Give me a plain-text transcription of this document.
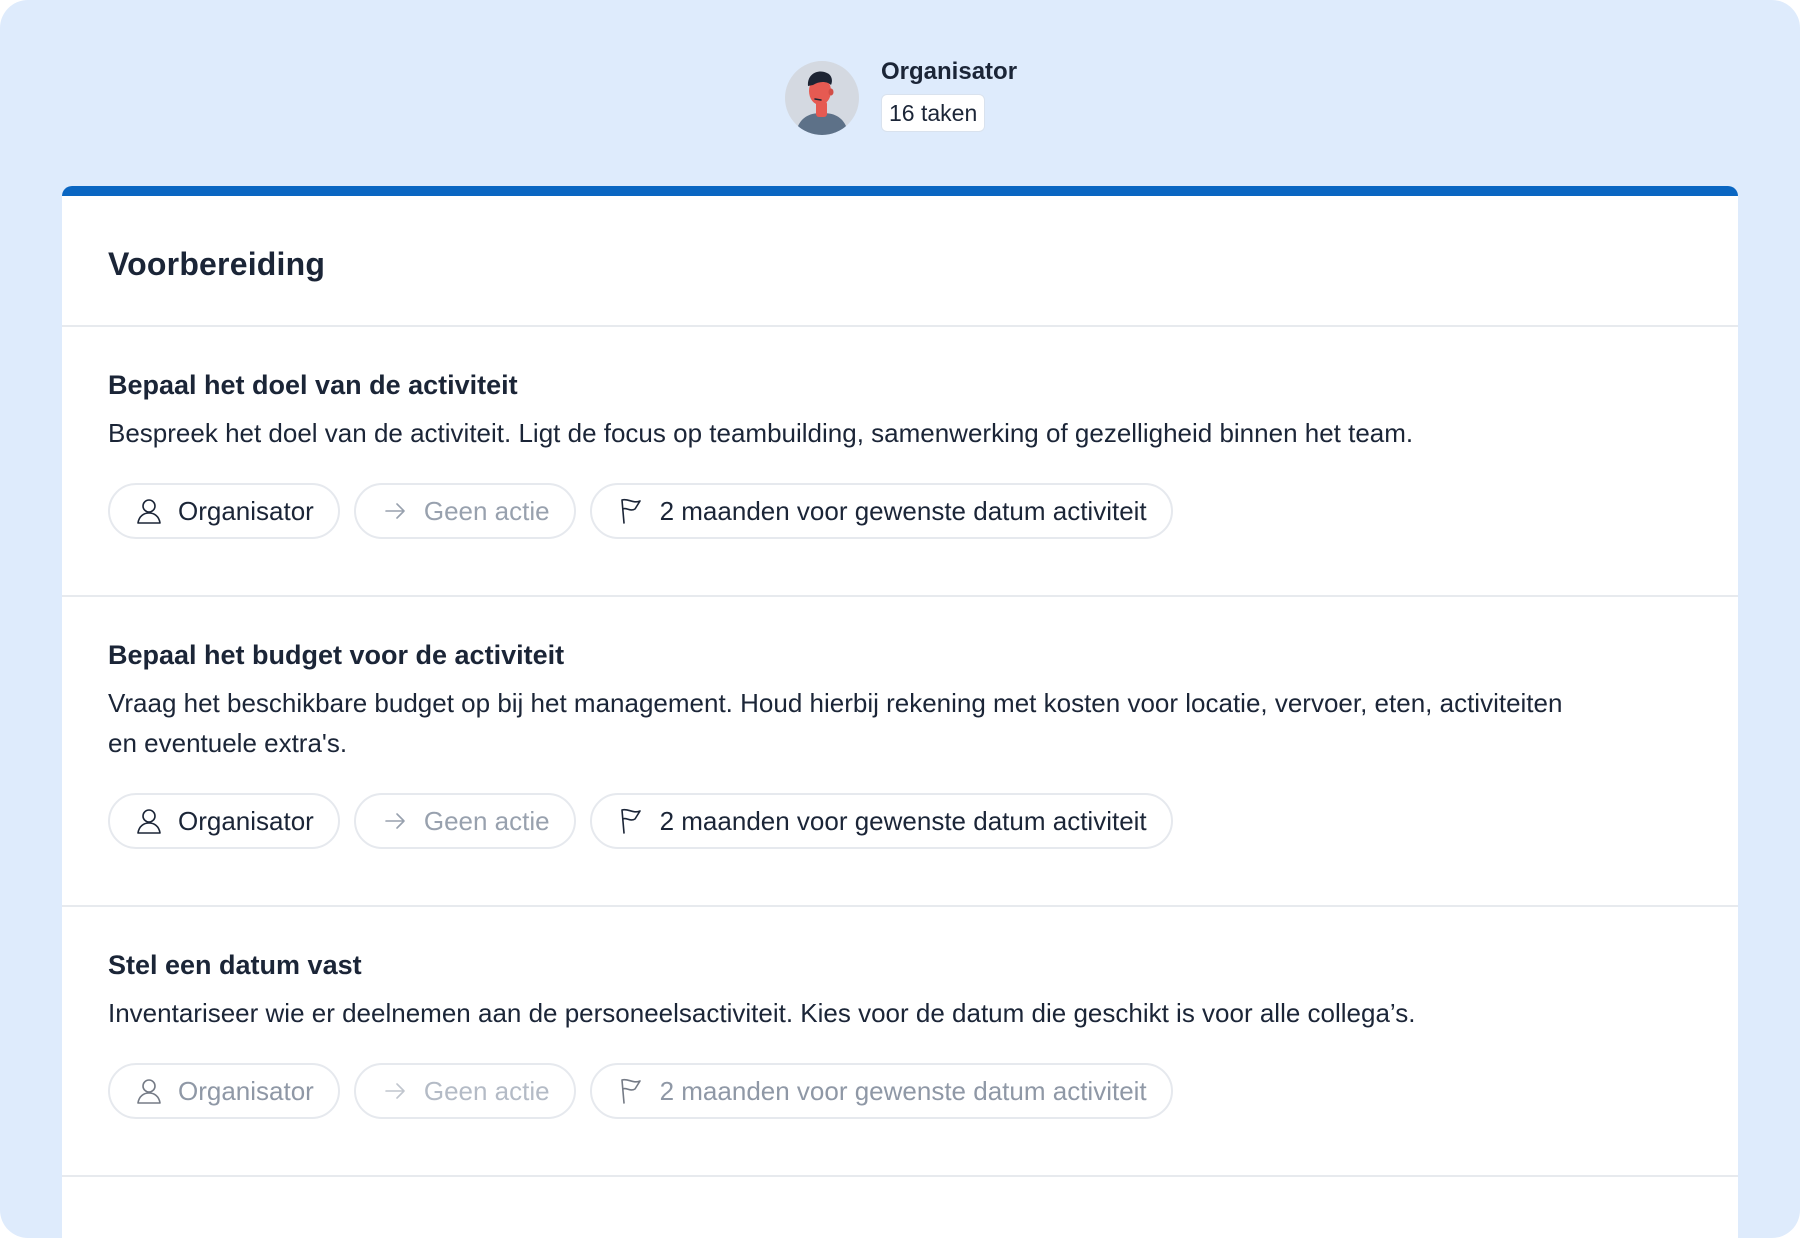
Organisator
16 taken
Voorbereiding
Bepaal het doel van de activiteit

Bespreek het doel van de activiteit. Ligt de focus op teambuilding, samenwerking of gezelligheid binnen het team.

Organisator	Geen actie	2 maanden voor gewenste datum activiteit
Bepaal het budget voor de activiteit

Vraag het beschikbare budget op bij het management. Houd hierbij rekening met kosten voor locatie, vervoer, eten, activiteiten en eventuele extra's.

Organisator	Geen actie	2 maanden voor gewenste datum activiteit
Stel een datum vast

Inventariseer wie er deelnemen aan de personeelsactiviteit. Kies voor de datum die geschikt is voor alle collega’s.

Organisator	Geen actie	2 maanden voor gewenste datum activiteit
